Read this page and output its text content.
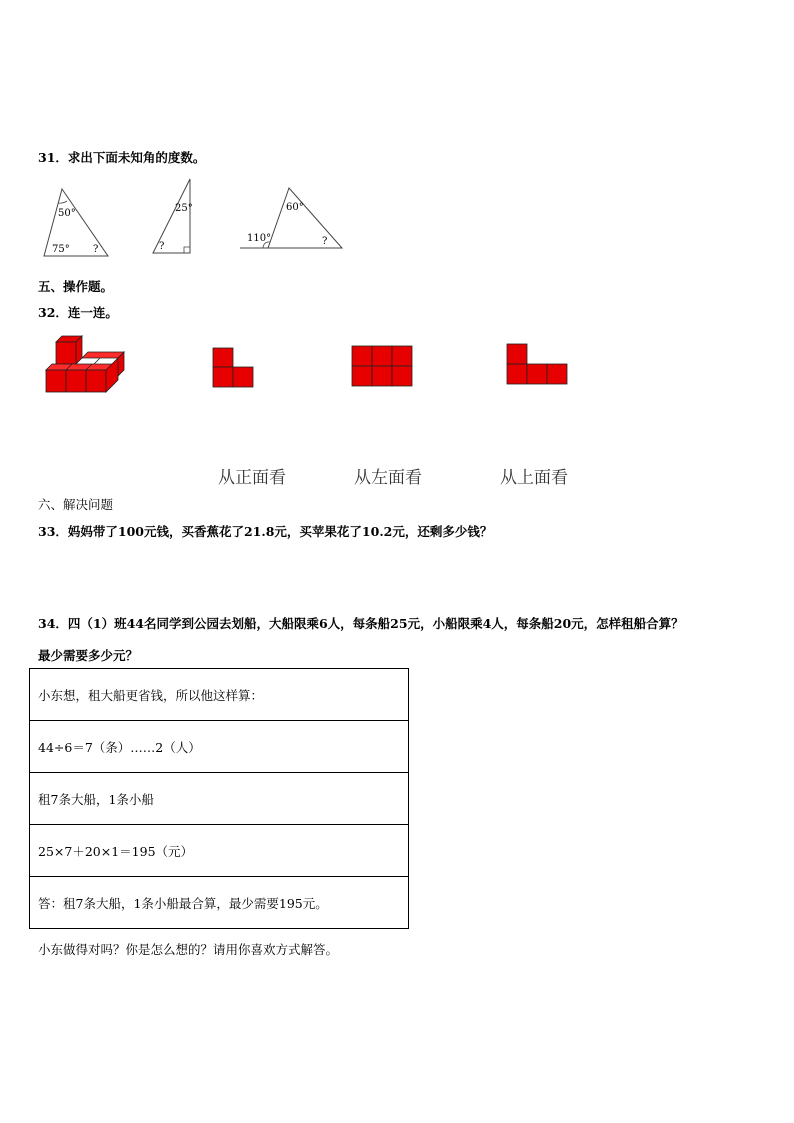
31．求出下面未知角的度数。
50°
75° ?
25°
?
60°
110°	?
五、操作题。
32．连一连。
从正面看	从左面看	从上面看
六、解决问题
33．妈妈带了100元钱，买香蕉花了21.8元，买苹果花了10.2元，还剩多少钱？
34．四（1）班44名同学到公园去划船，大船限乘6人，每条船25元，小船限乘4人，每条船20元，怎样租船合算？
最少需要多少元？
小东想，租大船更省钱，所以他这样算：
44÷6＝7（条）……2（人）
租7条大船，1条小船
25×7＋20×1＝195（元）
答：租7条大船，1条小船最合算，最少需要195元。
小东做得对吗？你是怎么想的？请用你喜欢方式解答。
